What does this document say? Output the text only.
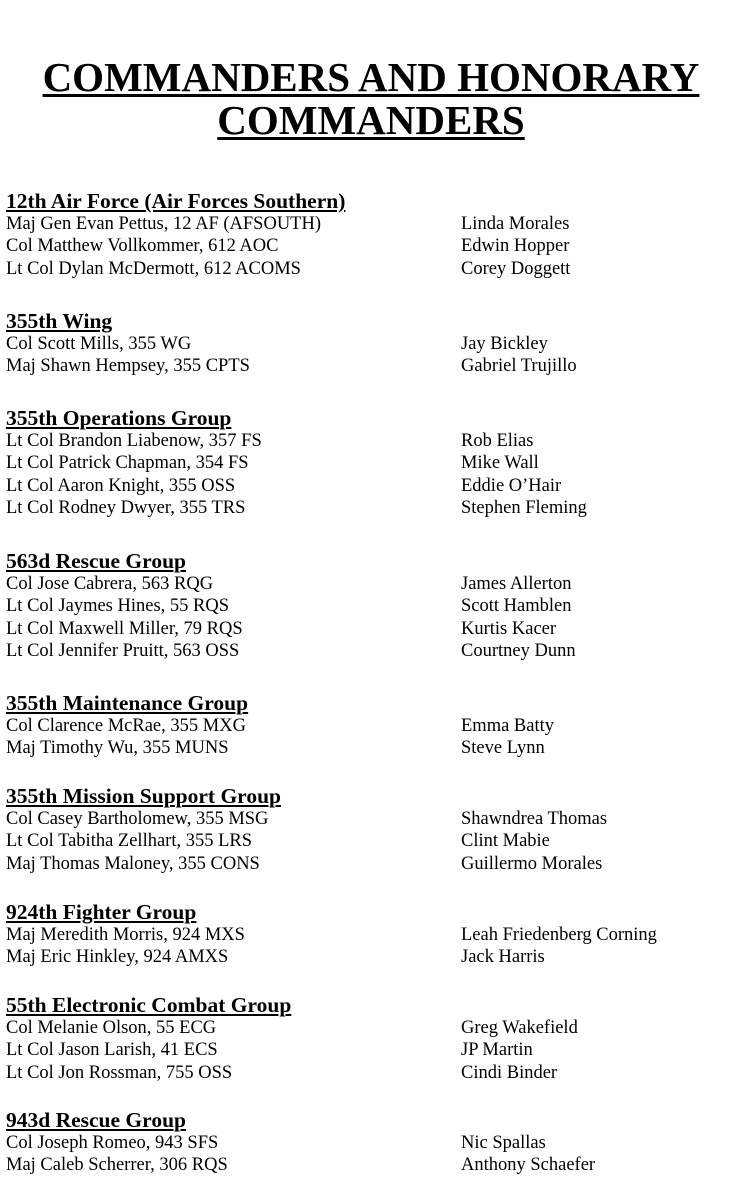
COMMANDERS AND HONORARY
COMMANDERS
12th Air Force (Air Forces Southern)
Maj Gen Evan Pettus, 12 AF (AFSOUTH)	Linda Morales
Col Matthew Vollkommer, 612 AOC	Edwin Hopper
Lt Col Dylan McDermott, 612 ACOMS	Corey Doggett
355th Wing
Col Scott Mills, 355 WG	Jay Bickley
Maj Shawn Hempsey, 355 CPTS	Gabriel Trujillo
355th Operations Group
Lt Col Brandon Liabenow, 357 FS	Rob Elias
Lt Col Patrick Chapman, 354 FS	Mike Wall
Lt Col Aaron Knight, 355 OSS	Eddie O’Hair
Lt Col Rodney Dwyer, 355 TRS	Stephen Fleming
563d Rescue Group
Col Jose Cabrera, 563 RQG	James Allerton
Lt Col Jaymes Hines, 55 RQS	Scott Hamblen
Lt Col Maxwell Miller, 79 RQS	Kurtis Kacer
Lt Col Jennifer Pruitt, 563 OSS	Courtney Dunn
355th Maintenance Group
Col Clarence McRae, 355 MXG	Emma Batty
Maj Timothy Wu, 355 MUNS	Steve Lynn
355th Mission Support Group
Col Casey Bartholomew, 355 MSG	Shawndrea Thomas
Lt Col Tabitha Zellhart, 355 LRS	Clint Mabie
Maj Thomas Maloney, 355 CONS	Guillermo Morales
924th Fighter Group
Maj Meredith Morris, 924 MXS	Leah Friedenberg Corning
Maj Eric Hinkley, 924 AMXS	Jack Harris
55th Electronic Combat Group
Col Melanie Olson, 55 ECG	Greg Wakefield
Lt Col Jason Larish, 41 ECS	JP Martin
Lt Col Jon Rossman, 755 OSS	Cindi Binder
943d Rescue Group
Col Joseph Romeo, 943 SFS	Nic Spallas
Maj Caleb Scherrer, 306 RQS	Anthony Schaefer
